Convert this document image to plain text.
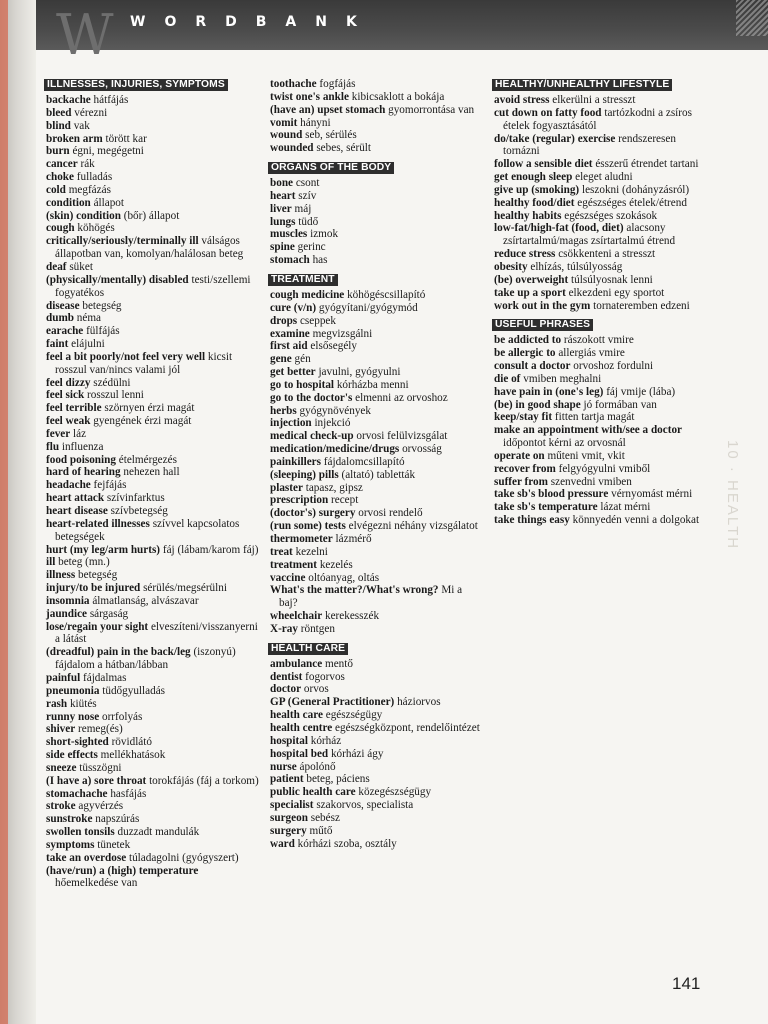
W WORDBANK
10 · HEALTH
ILLNESSES, INJURIES, SYMPTOMS
backache hátfájás
bleed vérezni
blind vak
broken arm törött kar
burn égni, megégetni
cancer rák
choke fulladás
cold megfázás
condition állapot
(skin) condition (bőr) állapot
cough köhögés
critically/seriously/terminally ill válságos állapotban van, komolyan/halálosan beteg
deaf süket
(physically/mentally) disabled testi/szellemi fogyatékos
disease betegség
dumb néma
earache fülfájás
faint elájulni
feel a bit poorly/not feel very well kicsit rosszul van/nincs valami jól
feel dizzy szédülni
feel sick rosszul lenni
feel terrible szörnyen érzi magát
feel weak gyengének érzi magát
fever láz
flu influenza
food poisoning ételmérgezés
hard of hearing nehezen hall
headache fejfájás
heart attack szívinfarktus
heart disease szívbetegség
heart-related illnesses szívvel kapcsolatos betegségek
hurt (my leg/arm hurts) fáj (lábam/karom fáj)
ill beteg (mn.)
illness betegség
injury/to be injured sérülés/megsérülni
insomnia álmatlanság, alvászavar
jaundice sárgaság
lose/regain your sight elveszíteni/visszanyerni a látást
(dreadful) pain in the back/leg (iszonyú) fájdalom a hátban/lábban
painful fájdalmas
pneumonia tüdőgyulladás
rash kiütés
runny nose orrfolyás
shiver remeg(és)
short-sighted rövidlátó
side effects mellékhatások
sneeze tüsszögni
(I have a) sore throat torokfájás (fáj a torkom)
stomachache hasfájás
stroke agyvérzés
sunstroke napszúrás
swollen tonsils duzzadt mandulák
symptoms tünetek
take an overdose túladagolni (gyógyszert)
(have/run) a (high) temperature hőemelkedése van
toothache fogfájás
twist one's ankle kibicsaklott a bokája
(have an) upset stomach gyomorrontása van
vomit hányni
wound seb, sérülés
wounded sebes, sérült
ORGANS OF THE BODY
bone csont
heart szív
liver máj
lungs tüdő
muscles izmok
spine gerinc
stomach has
TREATMENT
cough medicine köhögéscsillapító
cure (v/n) gyógyítani/gyógymód
drops cseppek
examine megvizsgálni
first aid elsősegély
gene gén
get better javulni, gyógyulni
go to hospital kórházba menni
go to the doctor's elmenni az orvoshoz
herbs gyógynövények
injection injekció
medical check-up orvosi felülvizsgálat
medication/medicine/drugs orvosság
painkillers fájdalomcsillapító
(sleeping) pills (altató) tabletták
plaster tapasz, gipsz
prescription recept
(doctor's) surgery orvosi rendelő
(run some) tests elvégezni néhány vizsgálatot
thermometer lázmérő
treat kezelni
treatment kezelés
vaccine oltóanyag, oltás
What's the matter?/What's wrong? Mi a baj?
wheelchair kerekesszék
X-ray röntgen
HEALTH CARE
ambulance mentő
dentist fogorvos
doctor orvos
GP (General Practitioner) háziorvos
health care egészségügy
health centre egészségközpont, rendelőintézet
hospital kórház
hospital bed kórházi ágy
nurse ápolónő
patient beteg, páciens
public health care közegészségügy
specialist szakorvos, specialista
surgeon sebész
surgery műtő
ward kórházi szoba, osztály
HEALTHY/UNHEALTHY LIFESTYLE
avoid stress elkerülni a stresszt
cut down on fatty food tartózkodni a zsíros ételek fogyasztásától
do/take (regular) exercise rendszeresen tornázni
follow a sensible diet ésszerű étrendet tartani
get enough sleep eleget aludni
give up (smoking) leszokni (dohányzásról)
healthy food/diet egészséges ételek/étrend
healthy habits egészséges szokások
low-fat/high-fat (food, diet) alacsony zsírtartalmú/magas zsírtartalmú étrend
reduce stress csökkenteni a stresszt
obesity elhízás, túlsúlyosság
(be) overweight túlsúlyosnak lenni
take up a sport elkezdeni egy sportot
work out in the gym tornateremben edzeni
USEFUL PHRASES
be addicted to rászokott vmire
be allergic to allergiás vmire
consult a doctor orvoshoz fordulni
die of vmiben meghalni
have pain in (one's leg) fáj vmije (lába)
(be) in good shape jó formában van
keep/stay fit fitten tartja magát
make an appointment with/see a doctor időpontot kérni az orvosnál
operate on műteni vmit, vkit
recover from felgyógyulni vmiből
suffer from szenvedni vmiben
take sb's blood pressure vérnyomást mérni
take sb's temperature lázat mérni
take things easy könnyedén venni a dolgokat
141
